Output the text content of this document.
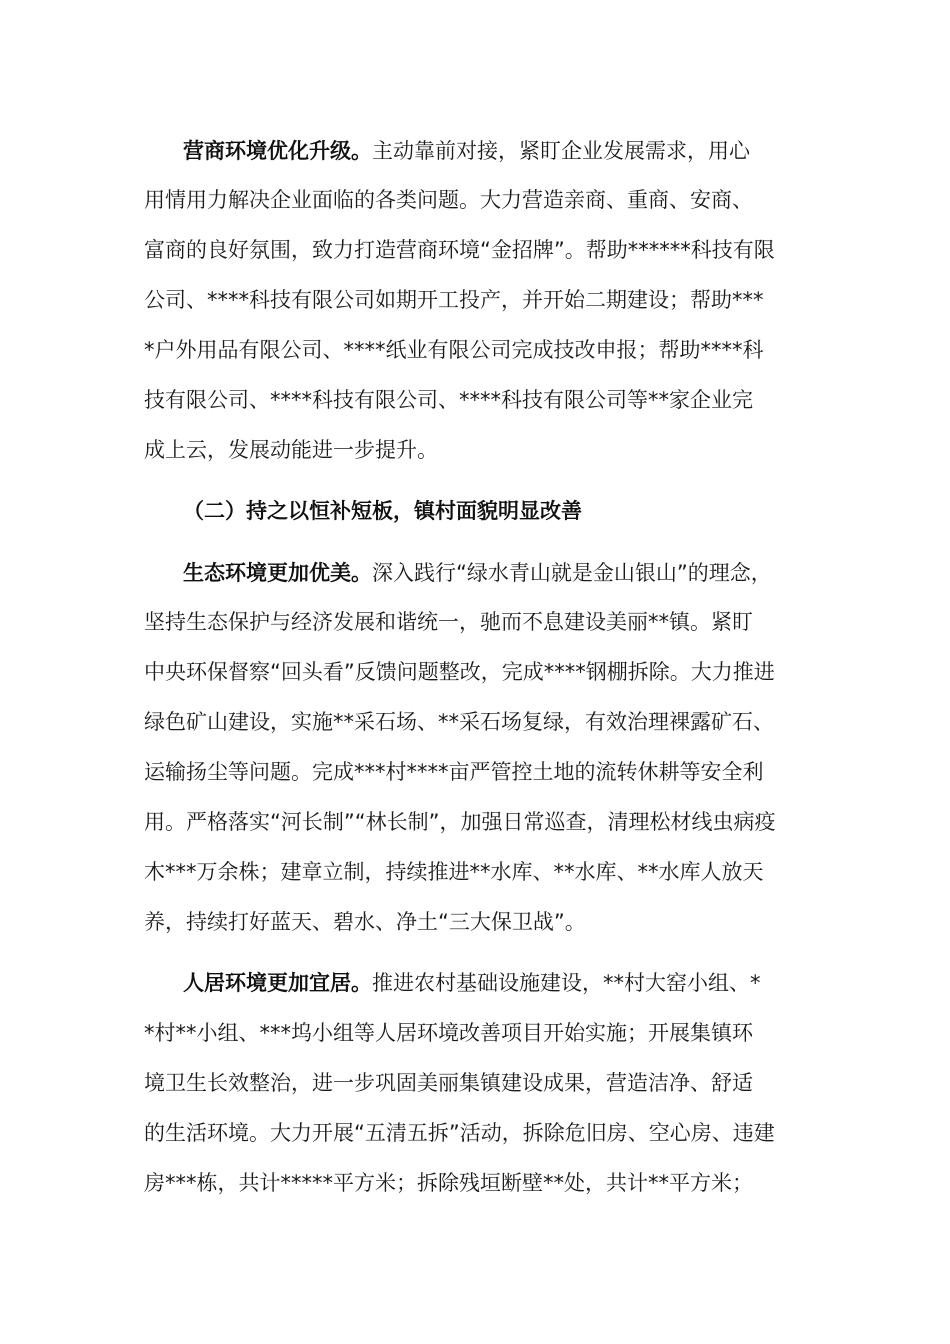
营商环境优化升级。主动靠前对接，紧盯企业发展需求，用心
用情用力解决企业面临的各类问题。大力营造亲商、重商、安商、
富商的良好氛围，致力打造营商环境“金招牌”。帮助******科技有限
公司、****科技有限公司如期开工投产，并开始二期建设；帮助***
*户外用品有限公司、****纸业有限公司完成技改申报；帮助****科
技有限公司、****科技有限公司、****科技有限公司等**家企业完
成上云，发展动能进一步提升。
（二）持之以恒补短板，镇村面貌明显改善
生态环境更加优美。深入践行“绿水青山就是金山银山”的理念，
坚持生态保护与经济发展和谐统一，驰而不息建设美丽**镇。紧盯
中央环保督察“回头看”反馈问题整改，完成****钢棚拆除。大力推进
绿色矿山建设，实施**采石场、**采石场复绿，有效治理裸露矿石、
运输扬尘等问题。完成***村****亩严管控土地的流转休耕等安全利
用。严格落实“河长制”“林长制”，加强日常巡查，清理松材线虫病疫
木***万余株；建章立制，持续推进**水库、**水库、**水库人放天
养，持续打好蓝天、碧水、净土“三大保卫战”。
人居环境更加宜居。推进农村基础设施建设，**村大窑小组、*
*村**小组、***坞小组等人居环境改善项目开始实施；开展集镇环
境卫生长效整治，进一步巩固美丽集镇建设成果，营造洁净、舒适
的生活环境。大力开展“五清五拆”活动，拆除危旧房、空心房、违建
房***栋，共计*****平方米；拆除残垣断壁**处，共计**平方米；
